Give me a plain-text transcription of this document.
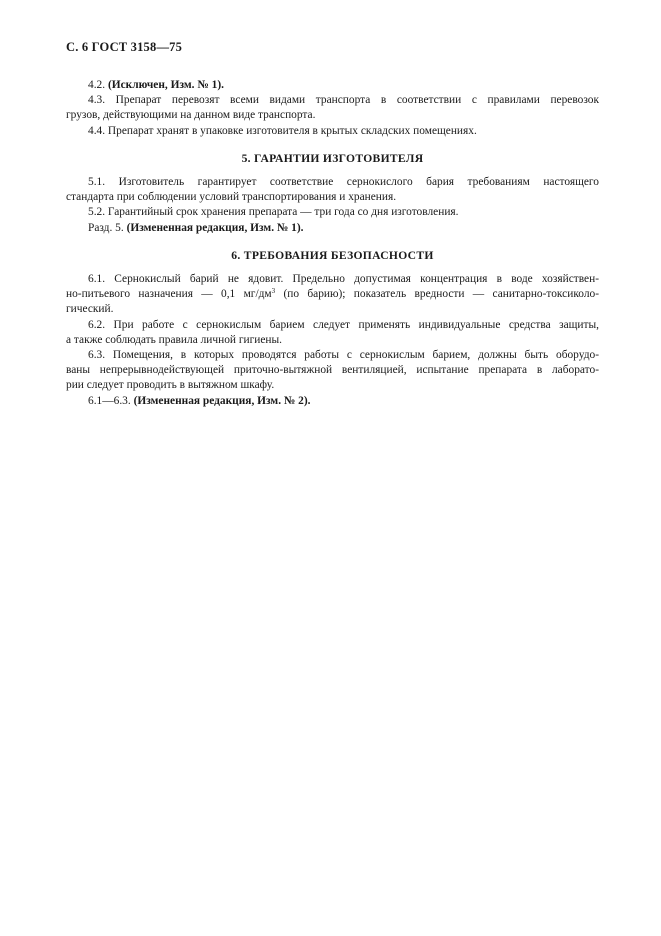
С. 6 ГОСТ 3158—75

4.2. (Исключен, Изм. № 1).

4.3. Препарат перевозят всеми видами транспорта в соответствии с правилами перевозок
грузов, действующими на данном виде транспорта.

4.4. Препарат хранят в упаковке изготовителя в крытых складских помещениях.

5. ГАРАНТИИ ИЗГОТОВИТЕЛЯ
5.1. Изготовитель гарантирует соответствие сернокислого бария требованиям настоящего
стандарта при соблюдении условий транспортирования и хранения.

5.2. Гарантийный срок хранения препарата — три года со дня изготовления.

Разд. 5. (Измененная редакция, Изм. № 1).

6. ТРЕБОВАНИЯ БЕЗОПАСНОСТИ
6.1. Сернокислый барий не ядовит. Предельно допустимая концентрация в воде хозяйствен-
но-питьевого назначения — 0,1 $мг/дм^3$ (по барию); показатель вредности — санитарно-токсиколо-
гический.
6.2. При работе с сернокислым барием следует применять индивидуальные средства защиты,
а также соблюдать правила личной гигиены.
6.3. Помещения, в которых проводятся работы с сернокислым барием, должны быть оборудо-
ваны непрерывнодействующей приточно-вытяжной вентиляцией, испытание препарата в лаборато-
рии следует проводить в вытяжном шкафу.

6.1—6.3. (Измененная редакция, Изм. № 2).
